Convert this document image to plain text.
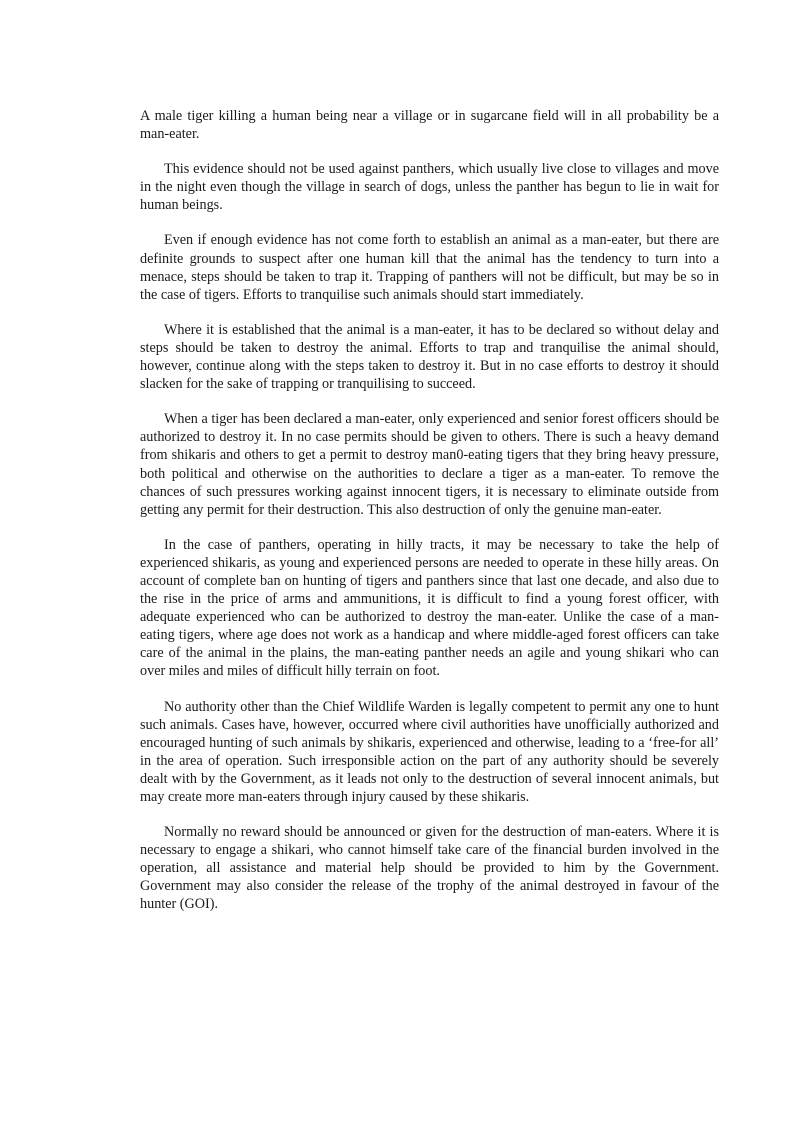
A male tiger killing a human being near a village or in sugarcane field will in all probability be a man-eater.

This evidence should not be used against panthers, which usually live close to villages and move in the night even though the village in search of dogs, unless the panther has begun to lie in wait for human beings.

Even if enough evidence has not come forth to establish an animal as a man-eater, but there are definite grounds to suspect after one human kill that the animal has the tendency to turn into a menace, steps should be taken to trap it. Trapping of panthers will not be difficult, but may be so in the case of tigers. Efforts to tranquilise such animals should start immediately.

Where it is established that the animal is a man-eater, it has to be declared so without delay and steps should be taken to destroy the animal. Efforts to trap and tranquilise the animal should, however, continue along with the steps taken to destroy it. But in no case efforts to destroy it should slacken for the sake of trapping or tranquilising to succeed.

When a tiger has been declared a man-eater, only experienced and senior forest officers should be authorized to destroy it. In no case permits should be given to others. There is such a heavy demand from shikaris and others to get a permit to destroy man0-eating tigers that they bring heavy pressure, both political and otherwise on the authorities to declare a tiger as a man-eater. To remove the chances of such pressures working against innocent tigers, it is necessary to eliminate outside from getting any permit for their destruction. This also destruction of only the genuine man-eater.

In the case of panthers, operating in hilly tracts, it may be necessary to take the help of experienced shikaris, as young and experienced persons are needed to operate in these hilly areas. On account of complete ban on hunting of tigers and panthers since that last one decade, and also due to the rise in the price of arms and ammunitions, it is difficult to find a young forest officer, with adequate experienced who can be authorized to destroy the man-eater. Unlike the case of a man-eating tigers, where age does not work as a handicap and where middle-aged forest officers can take care of the animal in the plains, the man-eating panther needs an agile and young shikari who can over miles and miles of difficult hilly terrain on foot.

No authority other than the Chief Wildlife Warden is legally competent to permit any one to hunt such animals. Cases have, however, occurred where civil authorities have unofficially authorized and encouraged hunting of such animals by shikaris, experienced and otherwise, leading to a ‘free-for all’ in the area of operation. Such irresponsible action on the part of any authority should be severely dealt with by the Government, as it leads not only to the destruction of several innocent animals, but may create more man-eaters through injury caused by these shikaris.

Normally no reward should be announced or given for the destruction of man-eaters. Where it is necessary to engage a shikari, who cannot himself take care of the financial burden involved in the operation, all assistance and material help should be provided to him by the Government. Government may also consider the release of the trophy of the animal destroyed in favour of the hunter (GOI).
